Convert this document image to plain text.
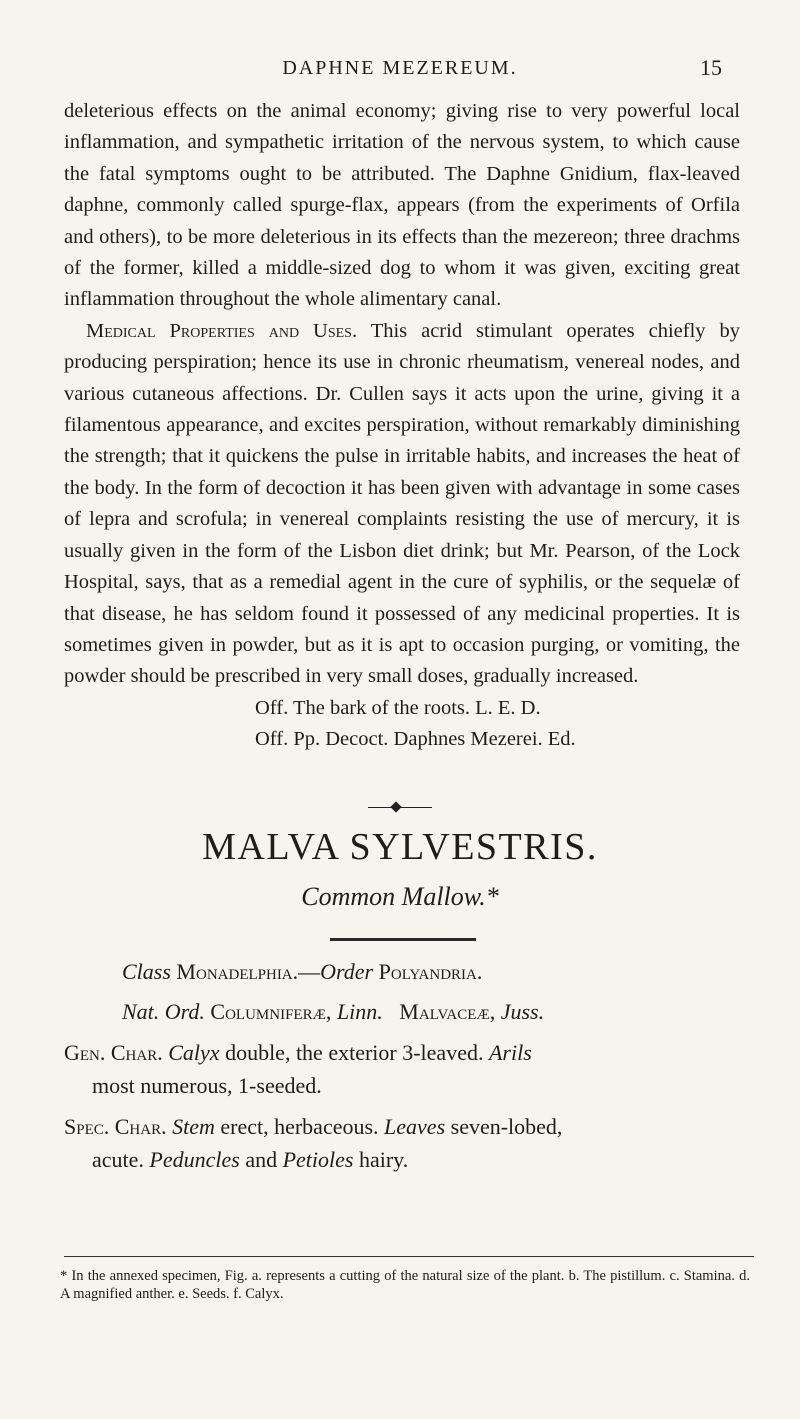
DAPHNE MEZEREUM.	15

deleterious effects on the animal economy; giving rise to very powerful local inflammation, and sympathetic irritation of the nervous system, to which cause the fatal symptoms ought to be attributed. The Daphne Gnidium, flax-leaved daphne, commonly called spurge-flax, appears (from the experiments of Orfila and others), to be more deleterious in its effects than the mezereon; three drachms of the former, killed a middle-sized dog to whom it was given, exciting great inflammation throughout the whole alimentary canal.

Medical Properties and Uses. This acrid stimulant operates chiefly by producing perspiration; hence its use in chronic rheumatism, venereal nodes, and various cutaneous affections. Dr. Cullen says it acts upon the urine, giving it a filamentous appearance, and excites perspiration, without remarkably diminishing the strength; that it quickens the pulse in irritable habits, and increases the heat of the body. In the form of decoction it has been given with advantage in some cases of lepra and scrofula; in venereal complaints resisting the use of mercury, it is usually given in the form of the Lisbon diet drink; but Mr. Pearson, of the Lock Hospital, says, that as a remedial agent in the cure of syphilis, or the sequelæ of that disease, he has seldom found it possessed of any medicinal properties. It is sometimes given in powder, but as it is apt to occasion purging, or vomiting, the powder should be prescribed in very small doses, gradually increased.

Off. The bark of the roots. L. E. D.

Off. Pp. Decoct. Daphnes Mezerei. Ed.

MALVA SYLVESTRIS.
Common Mallow.*

Class Monadelphia.—Order Polyandria.

Nat. Ord. Columniferæ, Linn. Malvaceæ, Juss.

Gen. Char. Calyx double, the exterior 3-leaved. Arils
most numerous, 1-seeded.

Spec. Char. Stem erect, herbaceous. Leaves seven-lobed,
acute. Peduncles and Petioles hairy.

* In the annexed specimen, Fig. a. represents a cutting of the natural size of the plant. b. The pistillum. c. Stamina. d. A magnified anther. e. Seeds. f. Calyx.
